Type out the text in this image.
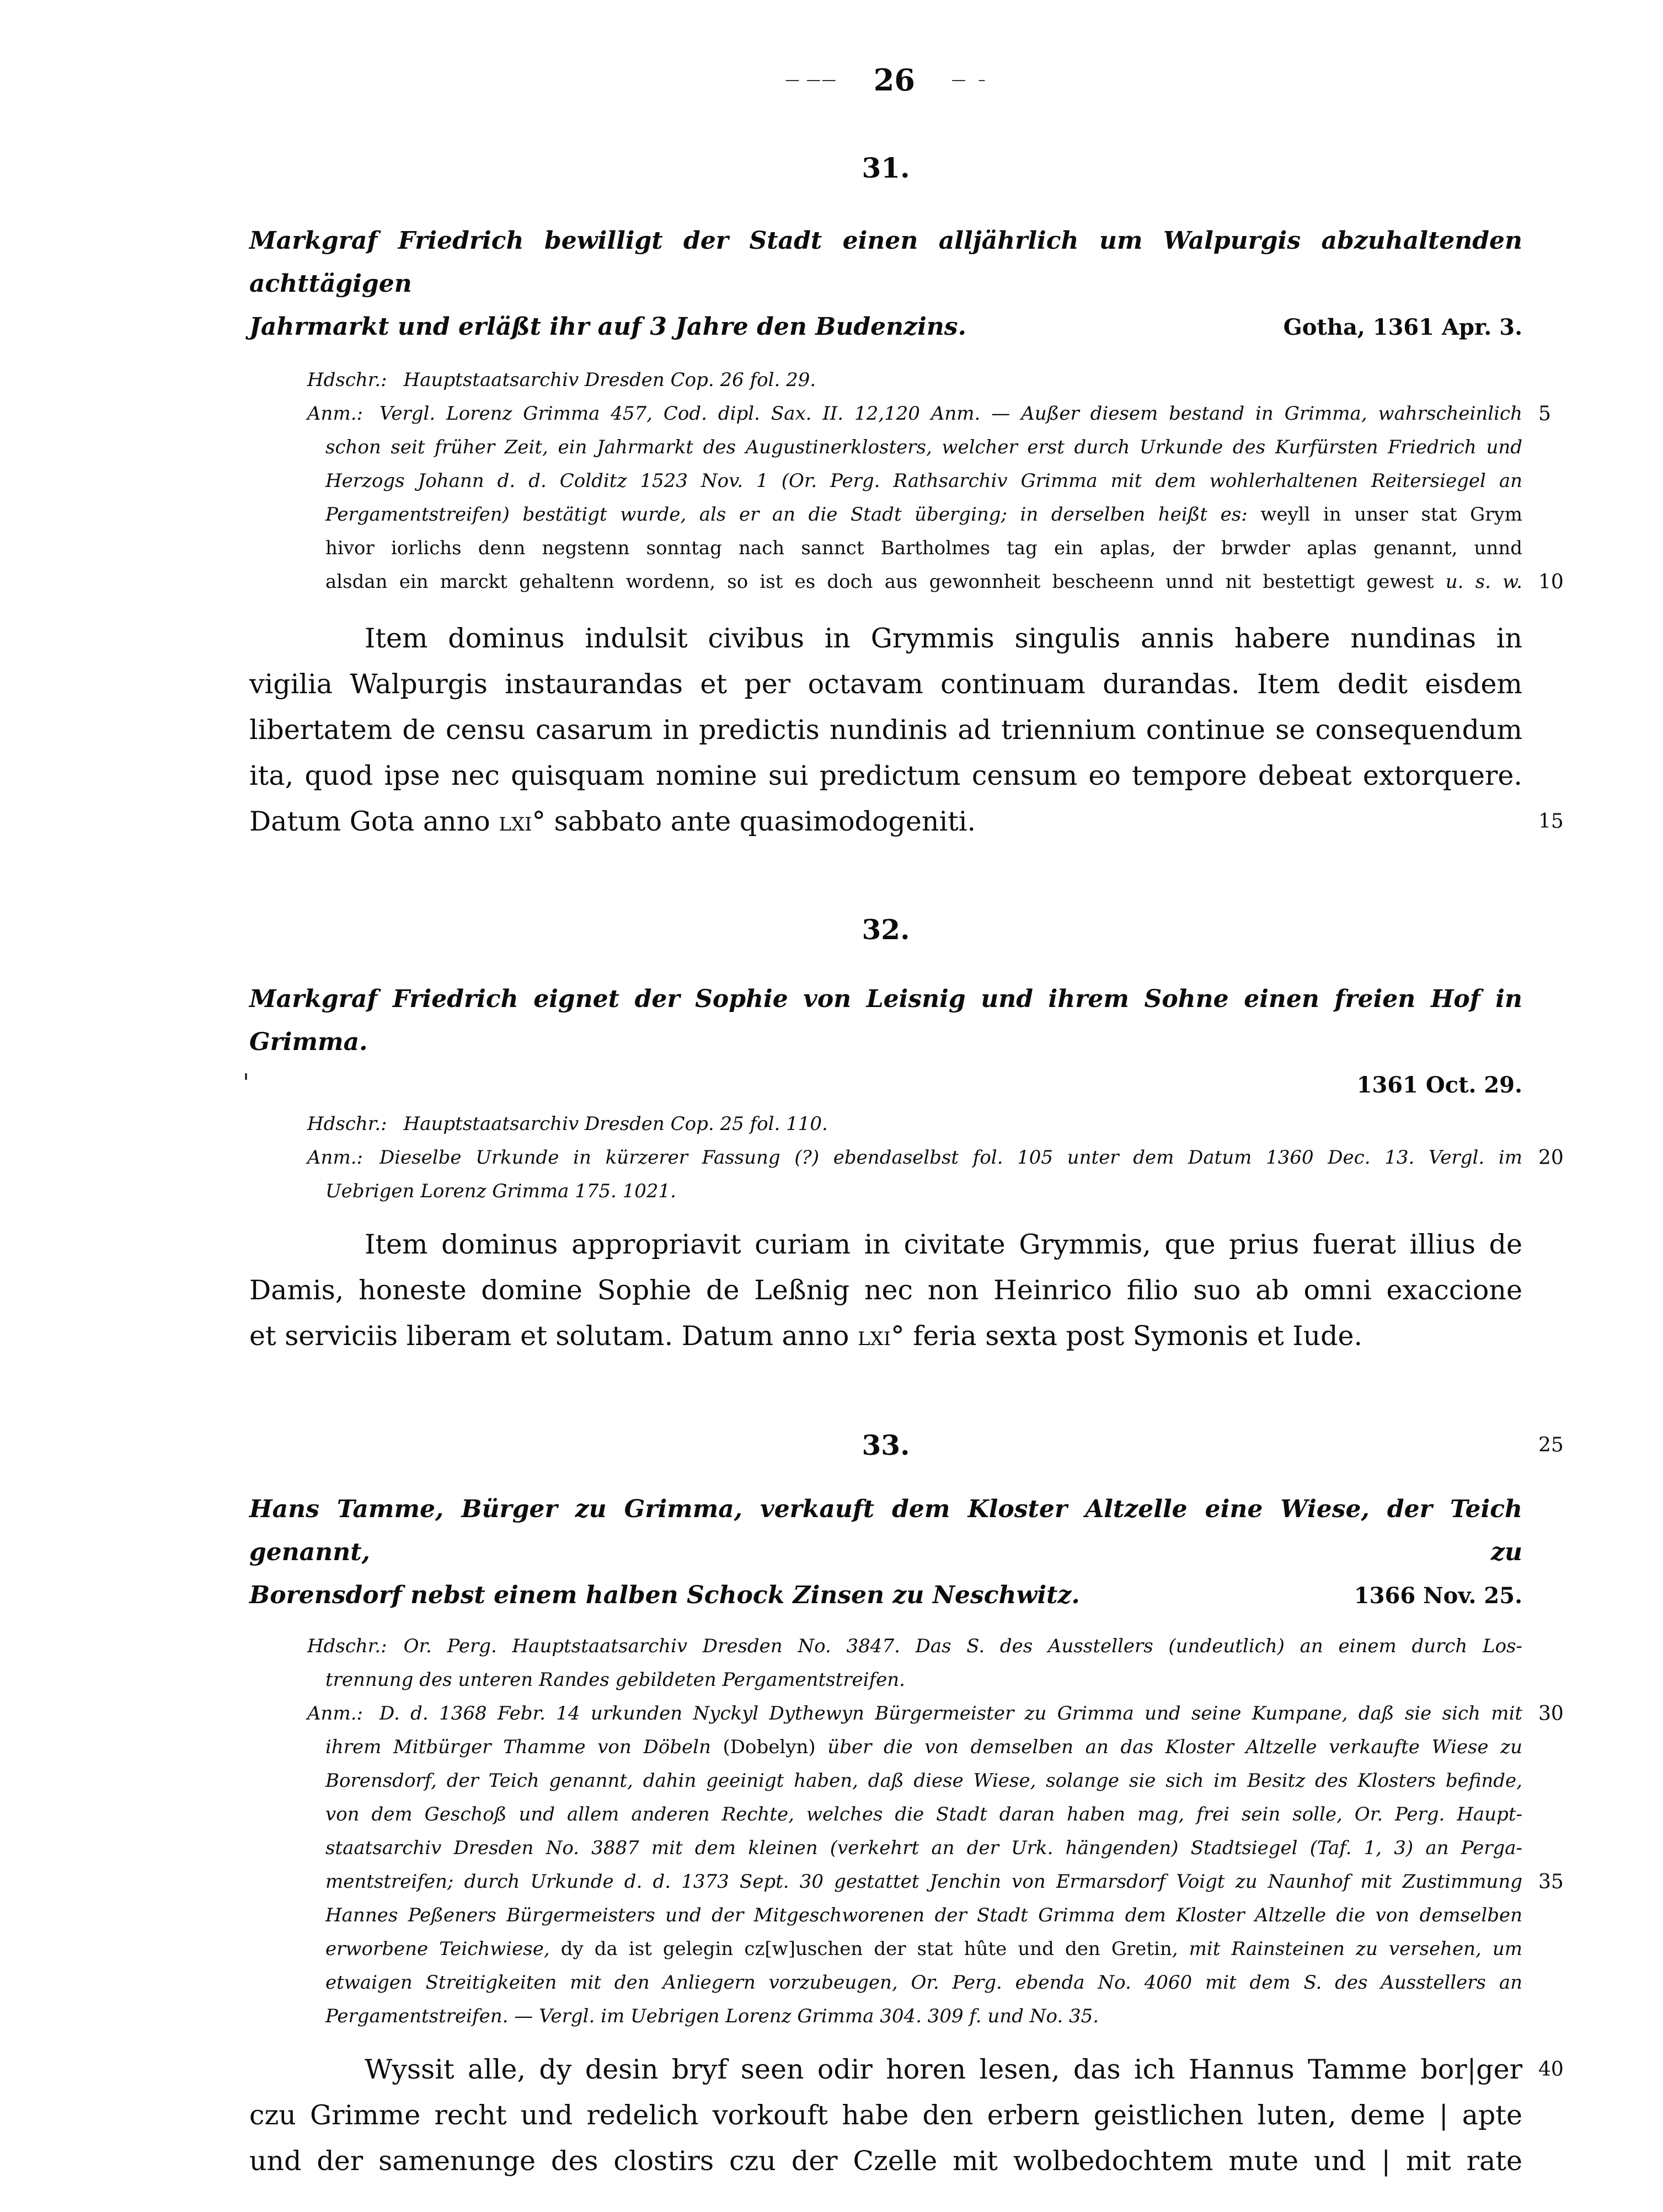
'
— —— 26	—  –
31.
Markgraf Friedrich bewilligt der Stadt einen alljährlich um Walpurgis abzuhaltenden achttägigen
Jahrmarkt und erläßt ihr auf 3 Jahre den Budenzins.	Gotha, 1361 Apr. 3.
Hdschr.: Hauptstaatsarchiv Dresden Cop. 26 fol. 29.
Anm.: Vergl. Lorenz Grimma 457, Cod. dipl. Sax. II. 12,120 Anm. — Außer diesem bestand in Grimma, wahrscheinlich 5
schon seit früher Zeit, ein Jahrmarkt des Augustinerklosters, welcher erst durch Urkunde des Kurfürsten Friedrich und
Herzogs Johann d. d. Colditz 1523 Nov. 1 (Or. Perg. Rathsarchiv Grimma mit dem wohlerhaltenen Reitersiegel an
Pergamentstreifen) bestätigt wurde, als er an die Stadt überging; in derselben heißt es: weyll in unser stat Grym
hivor iorlichs denn negstenn sonntag nach sannct Bartholmes tag ein aplas, der brwder aplas genannt, unnd
alsdan ein marckt gehaltenn wordenn, so ist es doch aus gewonnheit bescheenn unnd nit bestettigt gewest u. s. w. 10
Item dominus indulsit civibus in Grymmis singulis annis habere nundinas in
vigilia Walpurgis instaurandas et per octavam continuam durandas. Item dedit eisdem
libertatem de censu casarum in predictis nundinis ad triennium continue se consequendum
ita, quod ipse nec quisquam nomine sui predictum censum eo tempore debeat extorquere.
Datum Gota anno lxi° sabbato ante quasimodogeniti.	15
32.
Markgraf Friedrich eignet der Sophie von Leisnig und ihrem Sohne einen freien Hof in Grimma.
1361 Oct. 29.
Hdschr.: Hauptstaatsarchiv Dresden Cop. 25 fol. 110.
Anm.: Dieselbe Urkunde in kürzerer Fassung (?) ebendaselbst fol. 105 unter dem Datum 1360 Dec. 13. Vergl. im 20
Uebrigen Lorenz Grimma 175. 1021.
Item dominus appropriavit curiam in civitate Grymmis, que prius fuerat illius de
Damis, honeste domine Sophie de Leßnig nec non Heinrico filio suo ab omni exaccione
et serviciis liberam et solutam. Datum anno lxi° feria sexta post Symonis et Iude.
33.	25
Hans Tamme, Bürger zu Grimma, verkauft dem Kloster Altzelle eine Wiese, der Teich genannt, zu
Borensdorf nebst einem halben Schock Zinsen zu Neschwitz.	1366 Nov. 25.
Hdschr.: Or. Perg. Hauptstaatsarchiv Dresden No. 3847. Das S. des Ausstellers (undeutlich) an einem durch Los-
trennung des unteren Randes gebildeten Pergamentstreifen.
Anm.: D. d. 1368 Febr. 14 urkunden Nyckyl Dythewyn Bürgermeister zu Grimma und seine Kumpane, daß sie sich mit 30
ihrem Mitbürger Thamme von Döbeln (Dobelyn) über die von demselben an das Kloster Altzelle verkaufte Wiese zu
Borensdorf, der Teich genannt, dahin geeinigt haben, daß diese Wiese, solange sie sich im Besitz des Klosters befinde,
von dem Geschoß und allem anderen Rechte, welches die Stadt daran haben mag, frei sein solle, Or. Perg. Haupt-
staatsarchiv Dresden No. 3887 mit dem kleinen (verkehrt an der Urk. hängenden) Stadtsiegel (Taf. 1, 3) an Perga-
mentstreifen; durch Urkunde d. d. 1373 Sept. 30 gestattet Jenchin von Ermarsdorf Voigt zu Naunhof mit Zustimmung 35
Hannes Peßeners Bürgermeisters und der Mitgeschworenen der Stadt Grimma dem Kloster Altzelle die von demselben
erworbene Teichwiese, dy da ist gelegin cz[w]uschen der stat hûte und den Gretin, mit Rainsteinen zu versehen, um
etwaigen Streitigkeiten mit den Anliegern vorzubeugen, Or. Perg. ebenda No. 4060 mit dem S. des Ausstellers an
Pergamentstreifen. — Vergl. im Uebrigen Lorenz Grimma 304. 309 f. und No. 35.
Wyssit alle, dy desin bryf seen odir horen lesen, das ich Hannus Tamme bor|ger 40
czu Grimme recht und redelich vorkouft habe den erbern geistlichen luten, deme | apte
und der samenunge des clostirs czu der Czelle mit wolbedochtem mute und | mit rate
